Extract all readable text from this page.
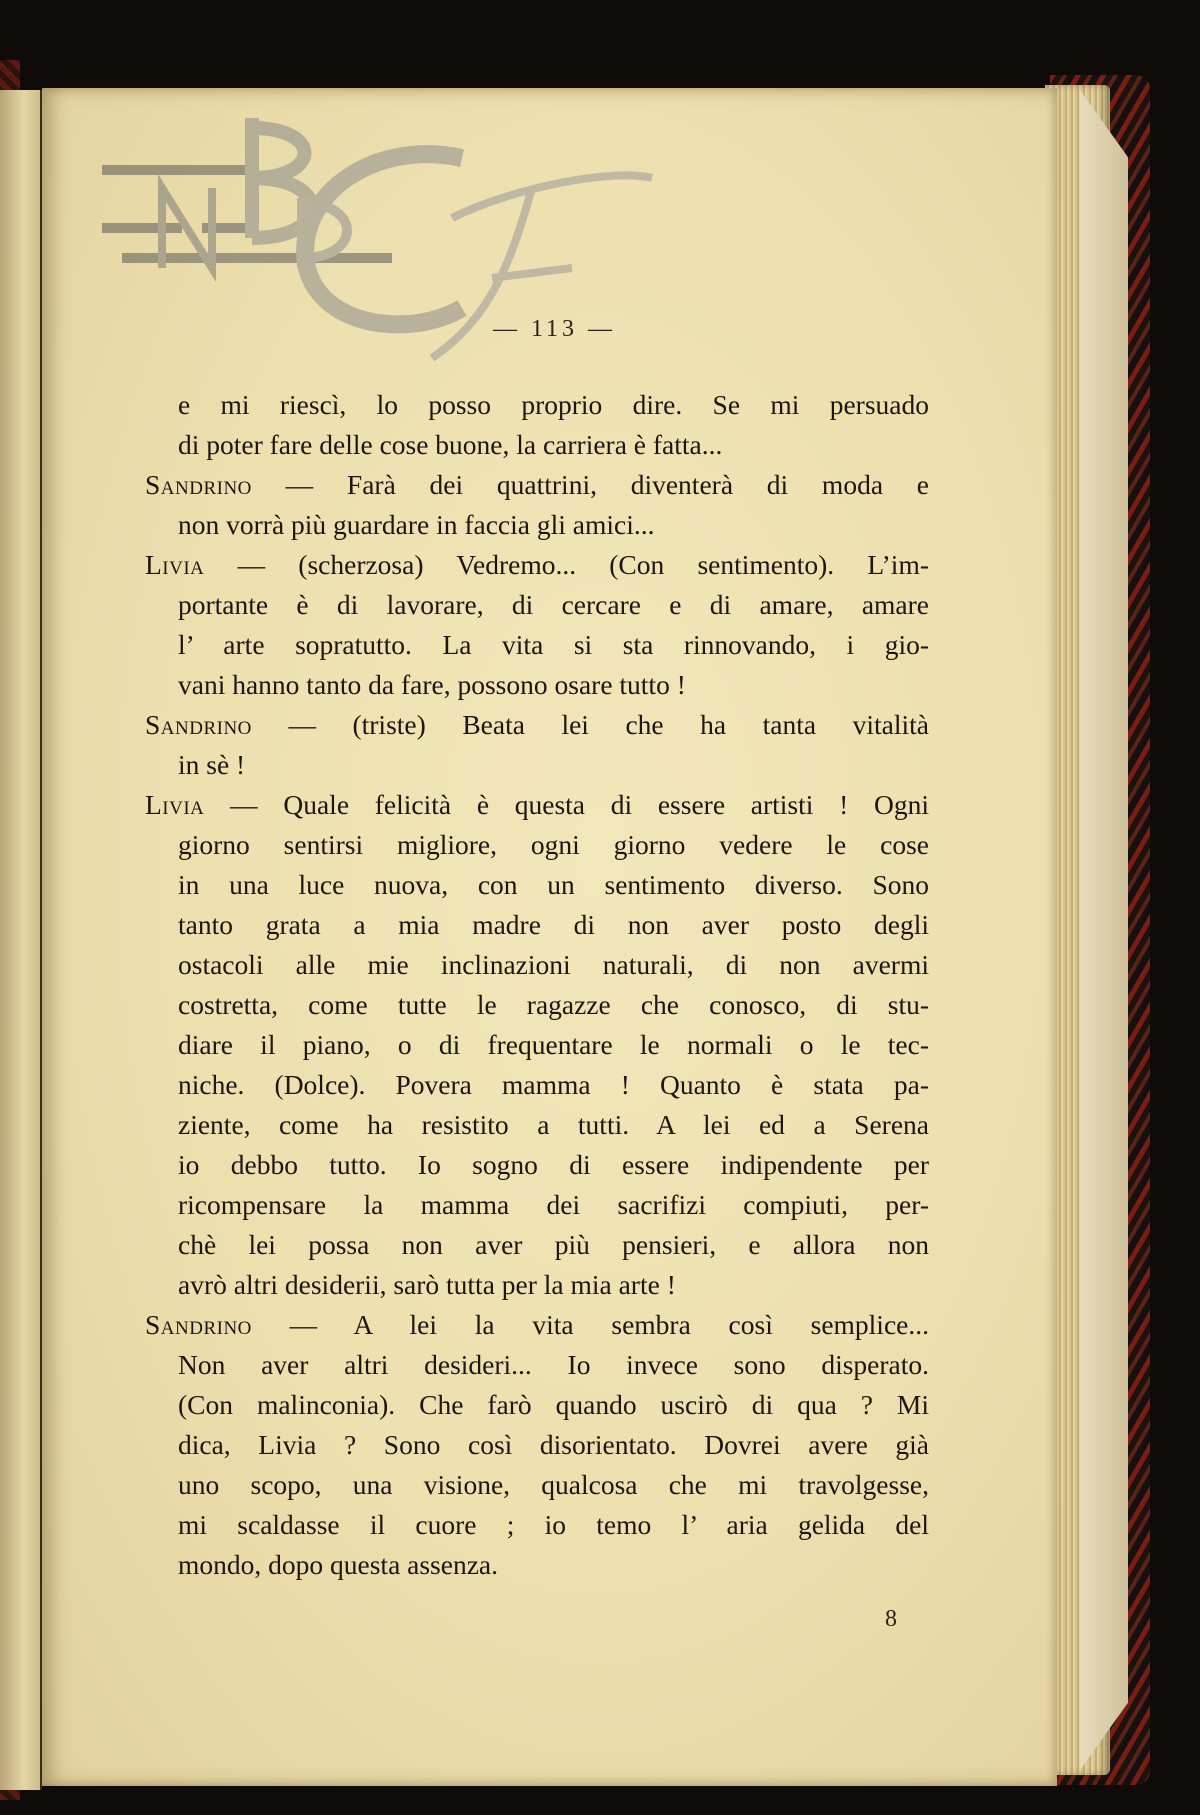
— 113 —
e mi riescì, lo posso proprio dire. Se mi persuado
di poter fare delle cose buone, la carriera è fatta...
Sandrino — Farà dei quattrini, diventerà di moda e
non vorrà più guardare in faccia gli amici...
Livia — (scherzosa) Vedremo... (Con sentimento). L’im-
portante è di lavorare, di cercare e di amare, amare
l’ arte sopratutto. La vita si sta rinnovando, i gio-
vani hanno tanto da fare, possono osare tutto !
Sandrino — (triste) Beata lei che ha tanta vitalità
in sè !
Livia — Quale felicità è questa di essere artisti ! Ogni
giorno sentirsi migliore, ogni giorno vedere le cose
in una luce nuova, con un sentimento diverso. Sono
tanto grata a mia madre di non aver posto degli
ostacoli alle mie inclinazioni naturali, di non avermi
costretta, come tutte le ragazze che conosco, di stu-
diare il piano, o di frequentare le normali o le tec-
niche. (Dolce). Povera mamma ! Quanto è stata pa-
ziente, come ha resistito a tutti. A lei ed a Serena
io debbo tutto. Io sogno di essere indipendente per
ricompensare la mamma dei sacrifizi compiuti, per-
chè lei possa non aver più pensieri, e allora non
avrò altri desiderii, sarò tutta per la mia arte !
Sandrino — A lei la vita sembra così semplice...
Non aver altri desideri... Io invece sono disperato.
(Con malinconia). Che farò quando uscirò di qua ? Mi
dica, Livia ? Sono così disorientato. Dovrei avere già
uno scopo, una visione, qualcosa che mi travolgesse,
mi scaldasse il cuore ; io temo l’ aria gelida del
mondo, dopo questa assenza.
8
